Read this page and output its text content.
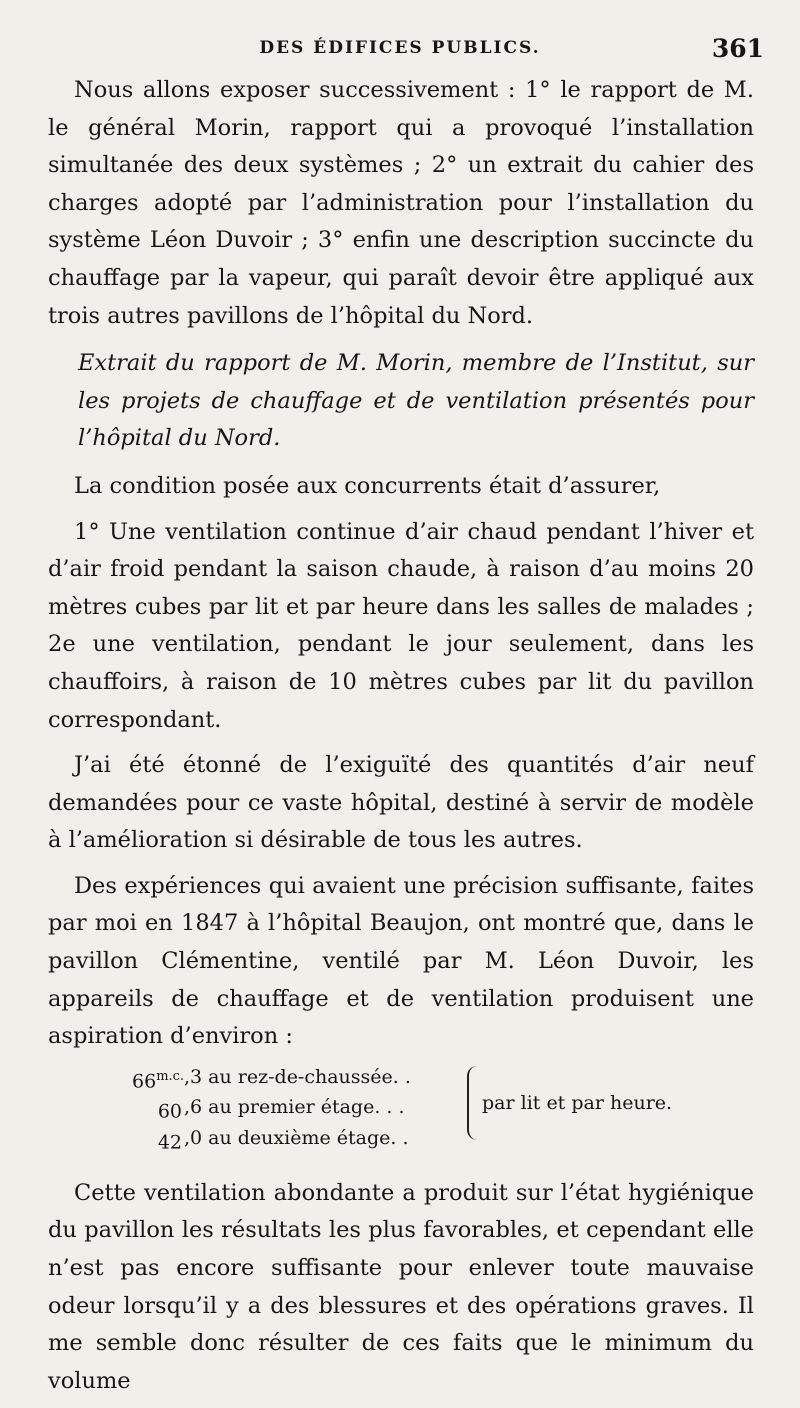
DES ÉDIFICES PUBLICS.	361

Nous allons exposer successivement : 1° le rapport de M. le général Morin, rapport qui a provoqué l’installation simultanée des deux systèmes ; 2° un extrait du cahier des charges adopté par l’administration pour l’installation du système Léon Duvoir ; 3° enfin une description succincte du chauffage par la vapeur, qui paraît devoir être appliqué aux trois autres pavillons de l’hôpital du Nord.

Extrait du rapport de M. Morin, membre de l’Institut, sur les projets de chauffage et de ventilation présentés pour l’hôpital du Nord.

La condition posée aux concurrents était d’assurer,

1° Une ventilation continue d’air chaud pendant l’hiver et d’air froid pendant la saison chaude, à raison d’au moins 20 mètres cubes par lit et par heure dans les salles de malades ; 2e une ventilation, pendant le jour seulement, dans les chauffoirs, à raison de 10 mètres cubes par lit du pavillon correspondant.

J’ai été étonné de l’exiguïté des quantités d’air neuf demandées pour ce vaste hôpital, destiné à servir de modèle à l’amélioration si désirable de tous les autres.

Des expériences qui avaient une précision suffisante, faites par moi en 1847 à l’hôpital Beaujon, ont montré que, dans le pavillon Clémentine, ventilé par M. Léon Duvoir, les appareils de chauffage et de ventilation produisent une aspiration d’environ :

$66^{m.c.}$ ,3 au rez-de-chaussée. .
60 ,6 au premier étage. . .
42 ,0 au deuxième étage. .
par lit et par heure.

Cette ventilation abondante a produit sur l’état hygiénique du pavillon les résultats les plus favorables, et cependant elle n’est pas encore suffisante pour enlever toute mauvaise odeur lorsqu’il y a des blessures et des opérations graves. Il me semble donc résulter de ces faits que le minimum du volume
